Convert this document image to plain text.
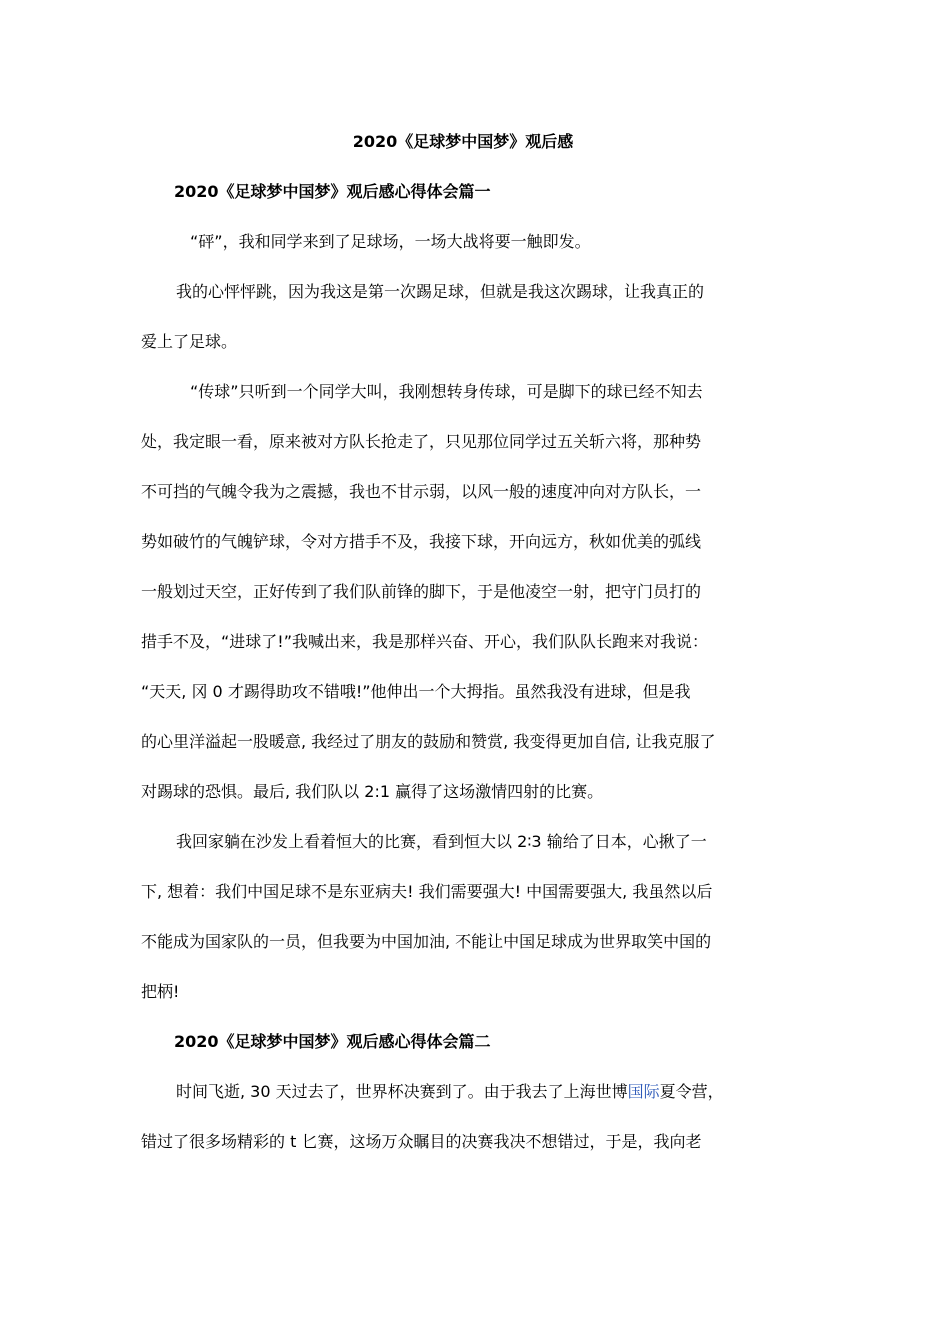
2020《足球梦中国梦》观后感
2020《足球梦中国梦》观后感心得体会篇一
“砰”，我和同学来到了足球场，一场大战将要一触即发。
我的心怦怦跳，因为我这是第一次踢足球，但就是我这次踢球，让我真正的
爱上了足球。
“传球”只听到一个同学大叫，我刚想转身传球，可是脚下的球已经不知去
处，我定眼一看，原来被对方队长抢走了，只见那位同学过五关斩六将，那种势
不可挡的气魄令我为之震撼，我也不甘示弱，以风一般的速度冲向对方队长，一
势如破竹的气魄铲球，令对方措手不及，我接下球，开向远方，秋如优美的弧线
一般划过天空，正好传到了我们队前锋的脚下，于是他凌空一射，把守门员打的
措手不及，“进球了!”我喊出来，我是那样兴奋、开心，我们队队长跑来对我说：
“天天, 冈 0 才踢得助攻不错哦!”他伸出一个大拇指。虽然我没有进球，但是我
的心里洋溢起一股暖意, 我经过了朋友的鼓励和赞赏, 我变得更加自信, 让我克服了
对踢球的恐惧。最后, 我们队以 2:1 赢得了这场激情四射的比赛。
我回家躺在沙发上看着恒大的比赛，看到恒大以 2∶3 输给了日本，心揪了一
下, 想着：我们中国足球不是东亚病夫! 我们需要强大! 中国需要强大, 我虽然以后
不能成为国家队的一员，但我要为中国加油, 不能让中国足球成为世界取笑中国的
把柄!
2020《足球梦中国梦》观后感心得体会篇二
时间飞逝, 30 天过去了，世界杯决赛到了。由于我去了上海世博国际夏令营，
错过了很多场精彩的 t 匕赛，这场万众瞩目的决赛我决不想错过，于是，我向老
